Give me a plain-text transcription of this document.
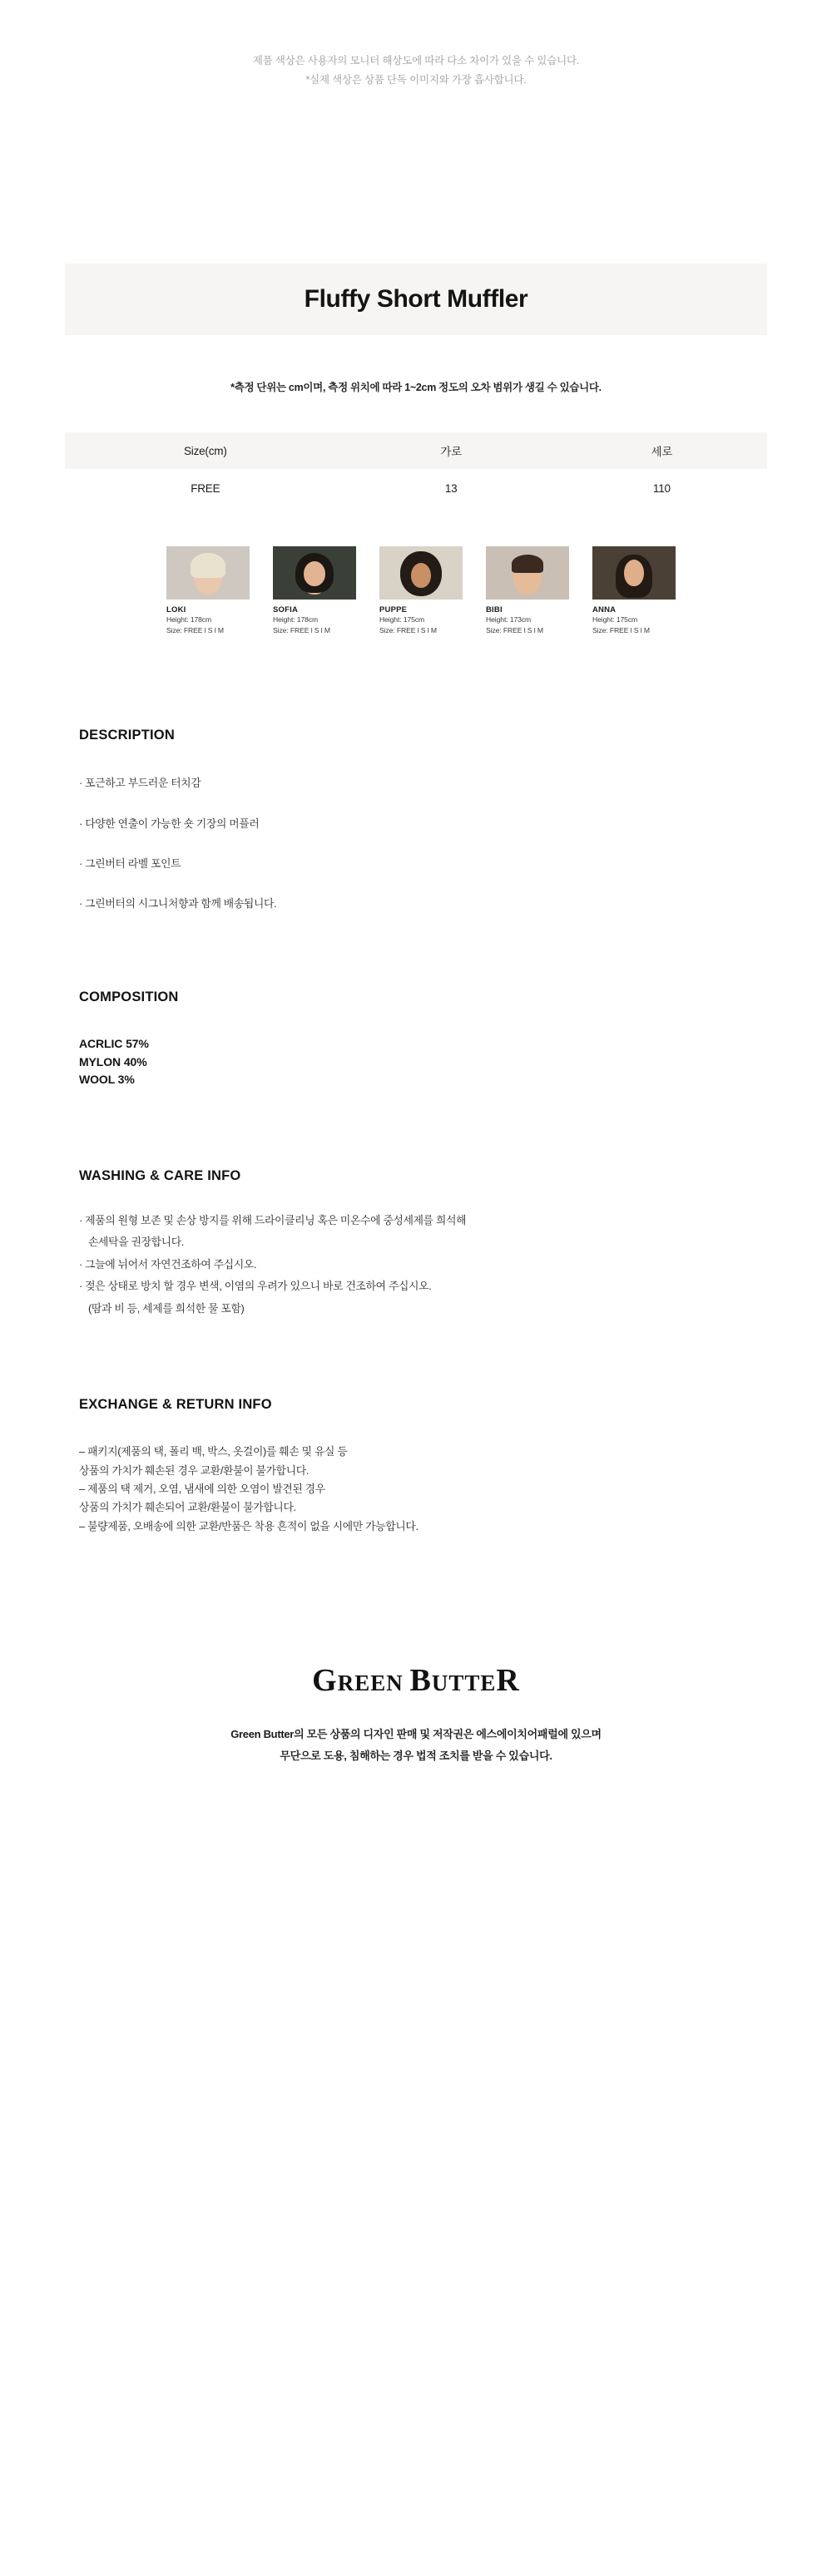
제품 색상은 사용자의 모니터 해상도에 따라 다소 차이가 있을 수 있습니다.
*실제 색상은 상품 단독 이미지와 가장 흡사합니다.
Fluffy Short Muffler
*측정 단위는 cm이며, 측정 위치에 따라 1~2cm 정도의 오차 범위가 생길 수 있습니다.
Size(cm)	가로	세로
FREE	13	110
LOKI
Height: 178cm
Size: FREE l S l M
SOFIA
Height: 178cm
Size: FREE l S l M
PUPPE
Height: 175cm
Size: FREE l S l M
BIBI
Height: 173cm
Size: FREE l S l M
ANNA
Height: 175cm
Size: FREE l S l M
DESCRIPTION
· 포근하고 부드러운 터치감
· 다양한 연출이 가능한 숏 기장의 머플러
· 그린버터 라벨 포인트
· 그린버터의 시그니처향과 함께 배송됩니다.
COMPOSITION
ACRLIC 57%
MYLON 40%
WOOL 3%
WASHING & CARE INFO
· 제품의 원형 보존 및 손상 방지를 위해 드라이클리닝 혹은 미온수에 중성세제를 희석해
손세탁을 권장합니다.
· 그늘에 뉘어서 자연건조하여 주십시오.
· 젖은 상태로 방치 할 경우 변색, 이염의 우려가 있으니 바로 건조하여 주십시오.
(땀과 비 등, 세제를 희석한 물 포함)
EXCHANGE & RETURN INFO
– 패키지(제품의 택, 폴리 백, 박스, 옷걸이)를 훼손 및 유실 등
상품의 가치가 훼손된 경우 교환/환불이 불가합니다.
– 제품의 택 제거, 오염, 냄새에 의한 오염이 발견된 경우
상품의 가치가 훼손되어 교환/환불이 불가합니다.
– 불량제품, 오배송에 의한 교환/반품은 착용 흔적이 없을 시에만 가능합니다.
GREEN BUTTER
Green Butter의 모든 상품의 디자인 판매 및 저작권은 에스에이치어패럴에 있으며
무단으로 도용, 침해하는 경우 법적 조치를 받을 수 있습니다.
